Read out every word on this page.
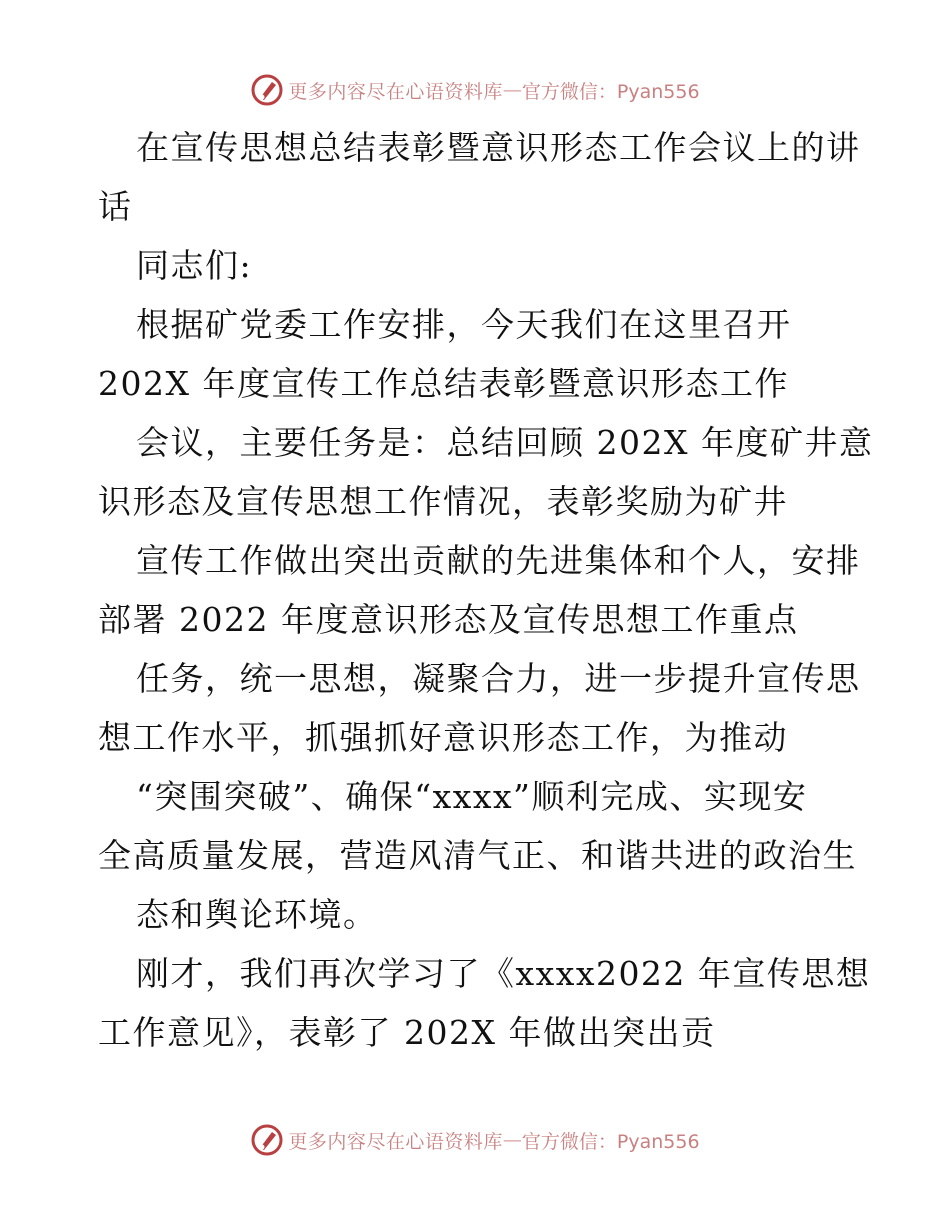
更多内容尽在心语资料库 — 官方微信：Pyan556
在宣传思想总结表彰暨意识形态工作会议上的讲
话
同志们:
根据矿党委工作安排，今天我们在这里召开
202X 年度宣传工作总结表彰暨意识形态工作
会议，主要任务是：总结回顾 202X 年度矿井意
识形态及宣传思想工作情况，表彰奖励为矿井
宣传工作做出突出贡献的先进集体和个人，安排
部署 2022 年度意识形态及宣传思想工作重点
任务，统一思想，凝聚合力，进一步提升宣传思
想工作水平，抓强抓好意识形态工作，为推动
“突围突破”、确保“xxxx”顺利完成、实现安
全高质量发展，营造风清气正、和谐共进的政治生
态和舆论环境。
刚才，我们再次学习了《xxxx2022 年宣传思想
工作意见》，表彰了 202X 年做出突出贡
更多内容尽在心语资料库 — 官方微信：Pyan556
